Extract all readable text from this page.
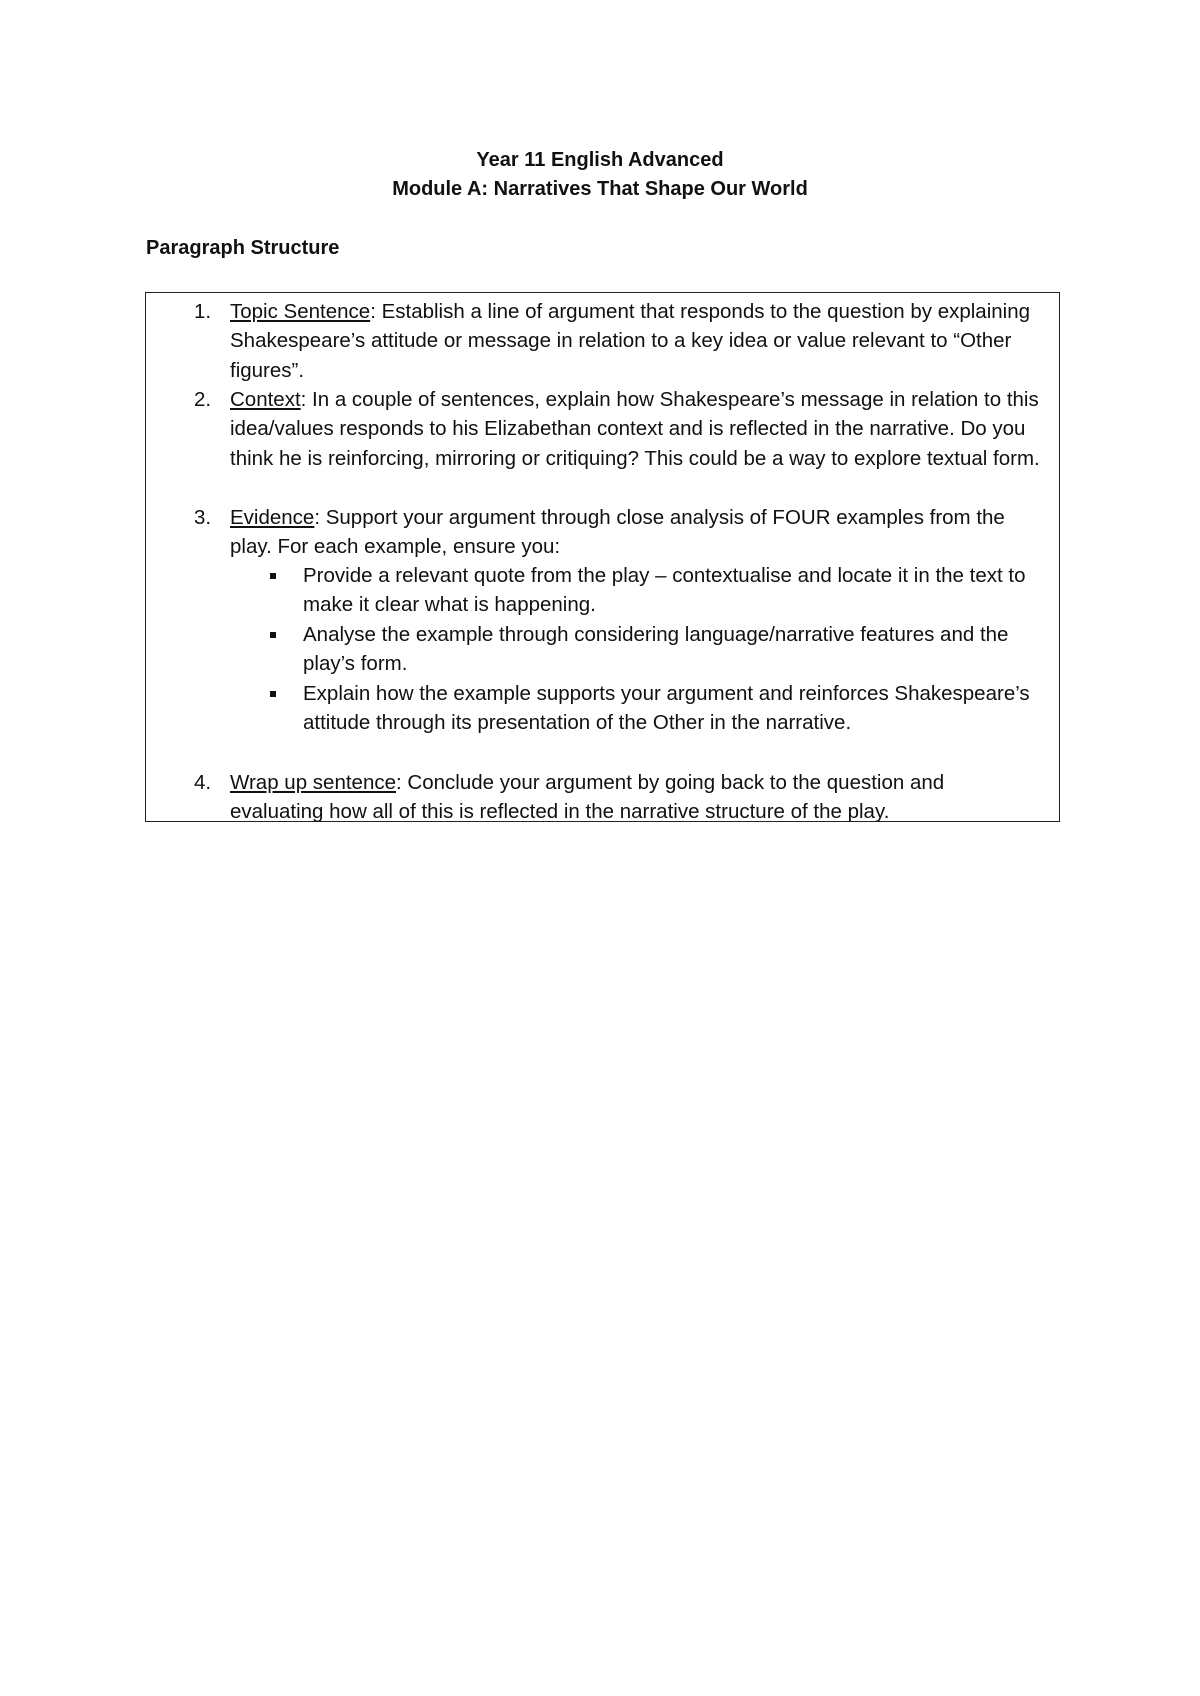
Year 11 English Advanced
Module A: Narratives That Shape Our World
Paragraph Structure
1. Topic Sentence: Establish a line of argument that responds to the question by explaining Shakespeare’s attitude or message in relation to a key idea or value relevant to “Other figures”.
2. Context: In a couple of sentences, explain how Shakespeare’s message in relation to this idea/values responds to his Elizabethan context and is reflected in the narrative. Do you think he is reinforcing, mirroring or critiquing? This could be a way to explore textual form.
3. Evidence: Support your argument through close analysis of FOUR examples from the play. For each example, ensure you:
Provide a relevant quote from the play – contextualise and locate it in the text to make it clear what is happening.
Analyse the example through considering language/narrative features and the play’s form.
Explain how the example supports your argument and reinforces Shakespeare’s attitude through its presentation of the Other in the narrative.
4. Wrap up sentence: Conclude your argument by going back to the question and evaluating how all of this is reflected in the narrative structure of the play.
